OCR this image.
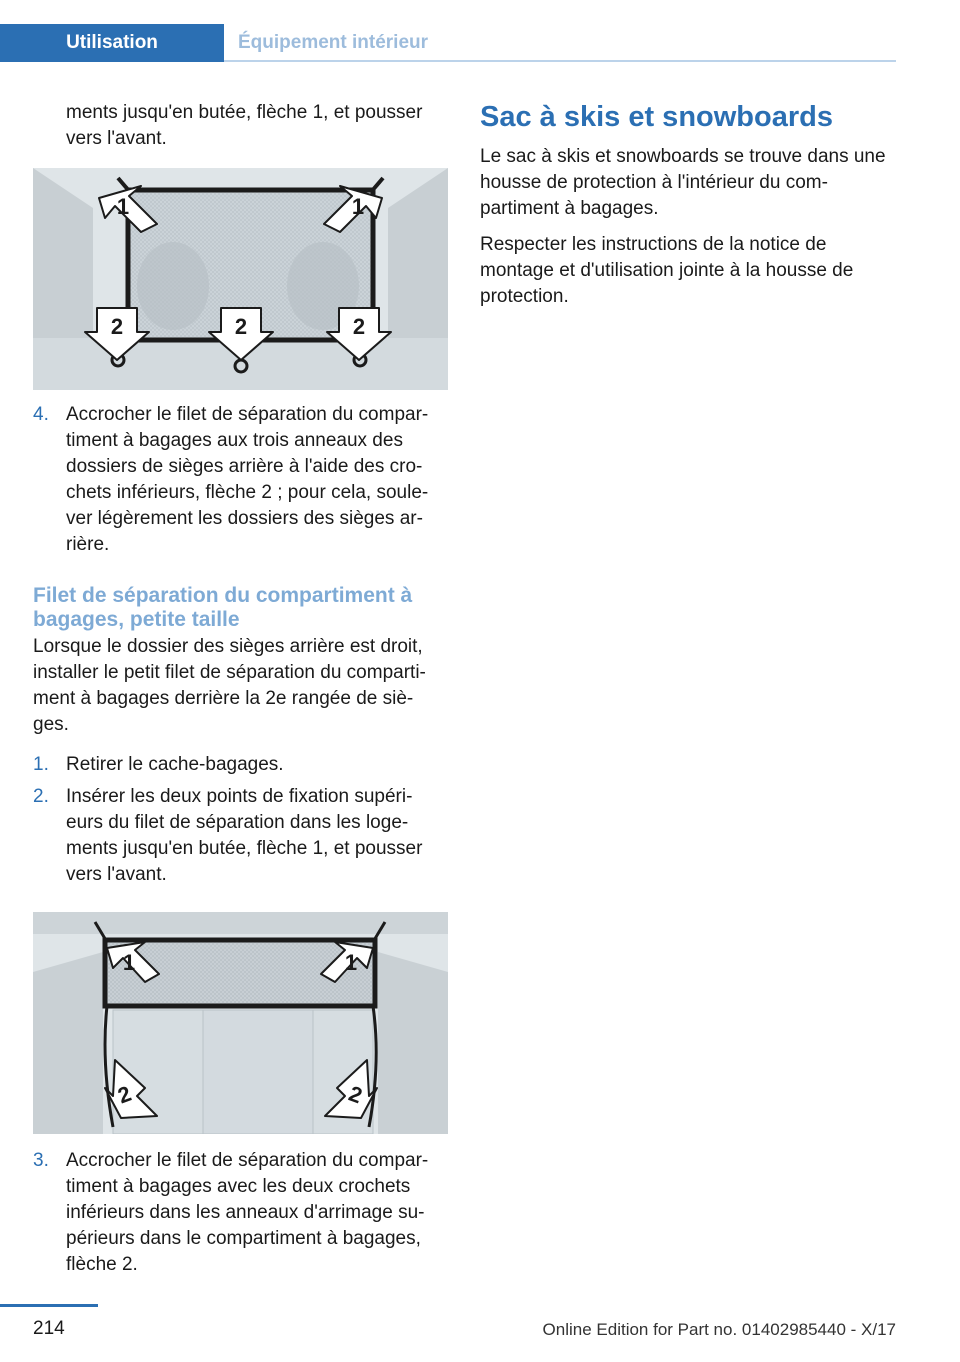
Utilisation	Équipement intérieur

ments jusqu'en butée, flèche 1, et pousser vers l'avant.

1	1
2	2	2
4. Accrocher le filet de séparation du compar‐timent à bagages aux trois anneaux des dossiers de sièges arrière à l'aide des cro‐chets inférieurs, flèche 2 ; pour cela, soule‐ver légèrement les dossiers des sièges ar‐rière.
Filet de séparation du compartiment à bagages, petite taille

Lorsque le dossier des sièges arrière est droit, installer le petit filet de séparation du comparti‐ment à bagages derrière la 2e rangée de siè‐ges.

1. Retirer le cache-bagages.
2. Insérer les deux points de fixation supéri‐eurs du filet de séparation dans les loge‐ments jusqu'en butée, flèche 1, et pousser vers l'avant.
1	1
2	2
3. Accrocher le filet de séparation du compar‐timent à bagages avec les deux crochets inférieurs dans les anneaux d'arrimage su‐périeurs dans le compartiment à bagages, flèche 2.
Sac à skis et snowboards

Le sac à skis et snowboards se trouve dans une housse de protection à l'intérieur du com‐partiment à bagages.

Respecter les instructions de la notice de montage et d'utilisation jointe à la housse de protection.

214	Online Edition for Part no. 01402985440 - X/17
